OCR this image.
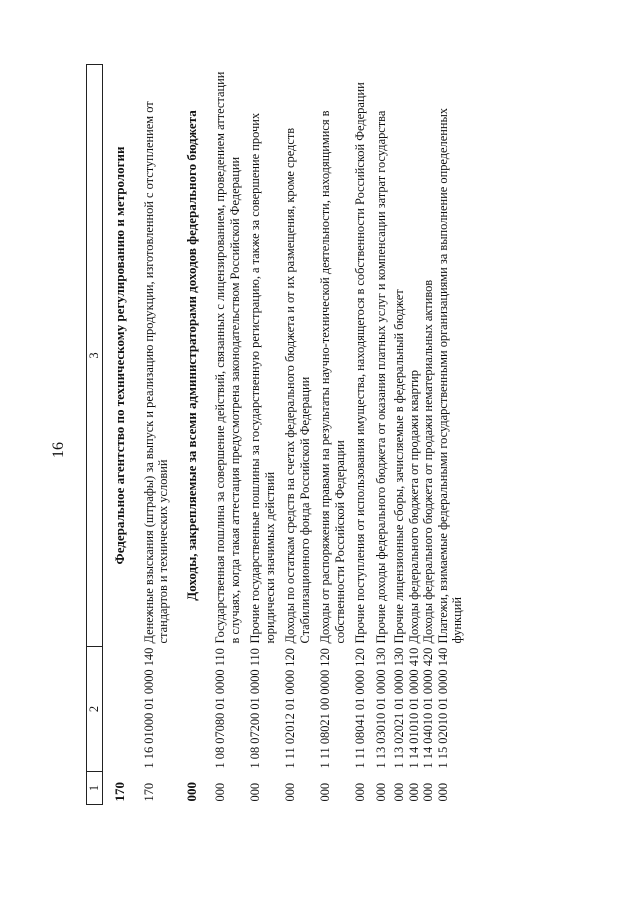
16
1	2	3
170		Федеральное агентство по техническому регулированию и метрологии
170	1 16 01000 01 0000 140	Денежные взыскания (штрафы) за выпуск и реализацию продукции, изготовленной с отступлением от стандартов и технических условий
000		Доходы, закрепляемые за всеми администраторами доходов федерального бюджета
000	1 08 07080 01 0000 110	Государственная пошлина за совершение действий, связанных с лицензированием, проведением аттестации в случаях, когда такая аттестация предусмотрена законодательством Российской Федерации
000	1 08 07200 01 0000 110	Прочие государственные пошлины за государственную регистрацию, а также за совершение прочих юридически значимых действий
000	1 11 02012 01 0000 120	Доходы по остаткам средств на счетах федерального бюджета и от их размещения, кроме средств Стабилизационного фонда Российской Федерации
000	1 11 08021 00 0000 120	Доходы от распоряжения правами на результаты научно-технической деятельности, находящимися в собственности Российской Федерации
000	1 11 08041 01 0000 120	Прочие поступления от использования имущества, находящегося в собственности Российской Федерации
000	1 13 03010 01 0000 130	Прочие доходы федерального бюджета от оказания платных услуг и компенсации затрат государства
000	1 13 02021 01 0000 130	Прочие лицензионные сборы, зачисляемые в федеральный бюджет
000	1 14 01010 01 0000 410	Доходы федерального бюджета от продажи квартир
000	1 14 04010 01 0000 420	Доходы федерального бюджета от продажи нематериальных активов
000	1 15 02010 01 0000 140	Платежи, взимаемые федеральными государственными организациями за выполнение определенных функций
